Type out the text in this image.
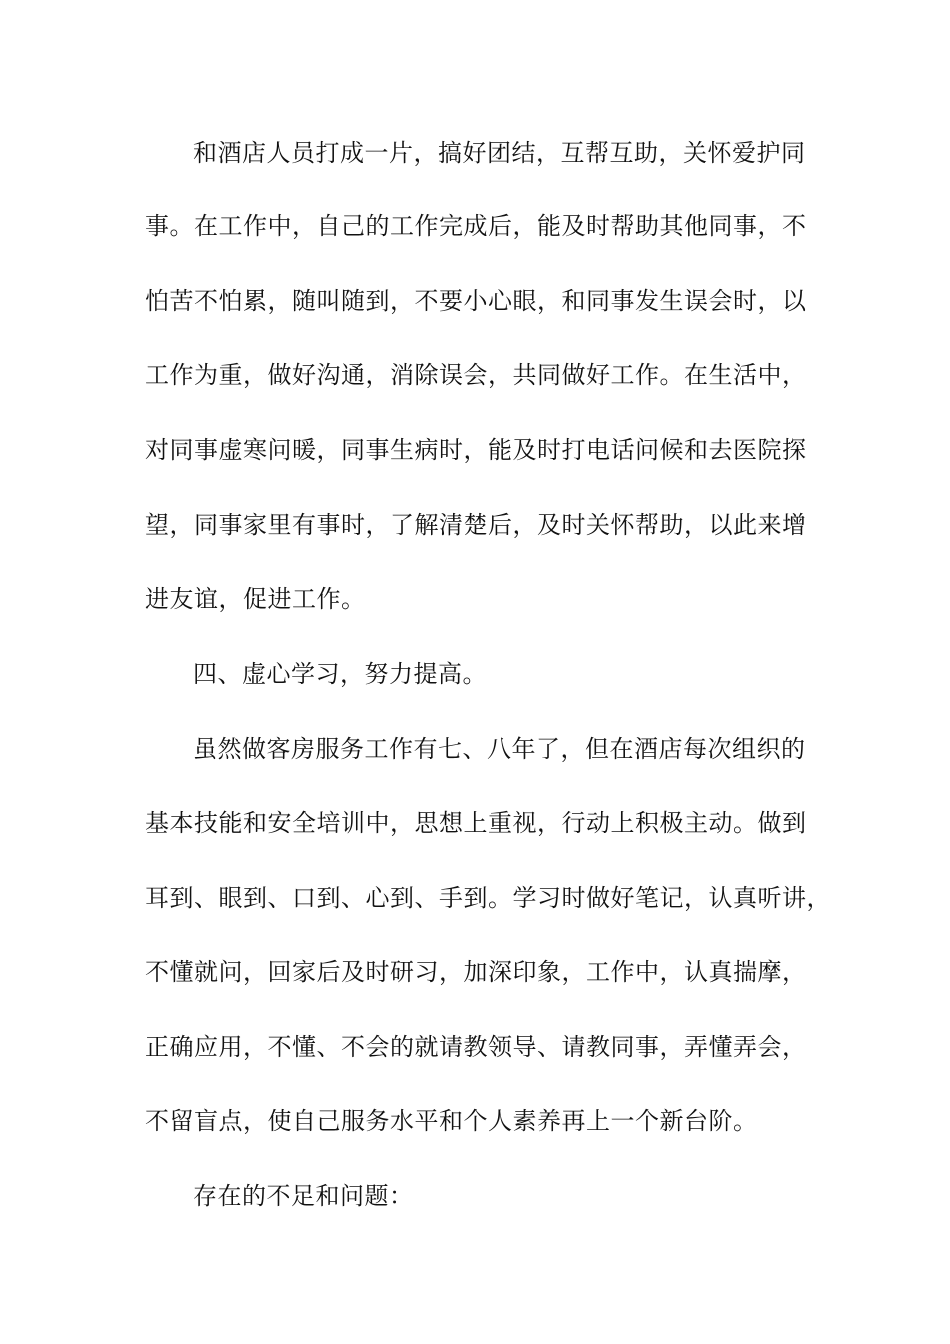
和酒店人员打成一片，搞好团结，互帮互助，关怀爱护同

事。在工作中，自己的工作完成后，能及时帮助其他同事，不

怕苦不怕累，随叫随到，不要小心眼，和同事发生误会时，以

工作为重，做好沟通，消除误会，共同做好工作。在生活中，

对同事虚寒问暖，同事生病时，能及时打电话问候和去医院探

望，同事家里有事时，了解清楚后，及时关怀帮助，以此来增

进友谊，促进工作。

四、虚心学习，努力提高。

虽然做客房服务工作有七、八年了，但在酒店每次组织的

基本技能和安全培训中，思想上重视，行动上积极主动。做到

耳到、眼到、口到、心到、手到。学习时做好笔记，认真听讲，

不懂就问，回家后及时研习，加深印象，工作中，认真揣摩，

正确应用，不懂、不会的就请教领导、请教同事，弄懂弄会，

不留盲点，使自己服务水平和个人素养再上一个新台阶。

存在的不足和问题：
